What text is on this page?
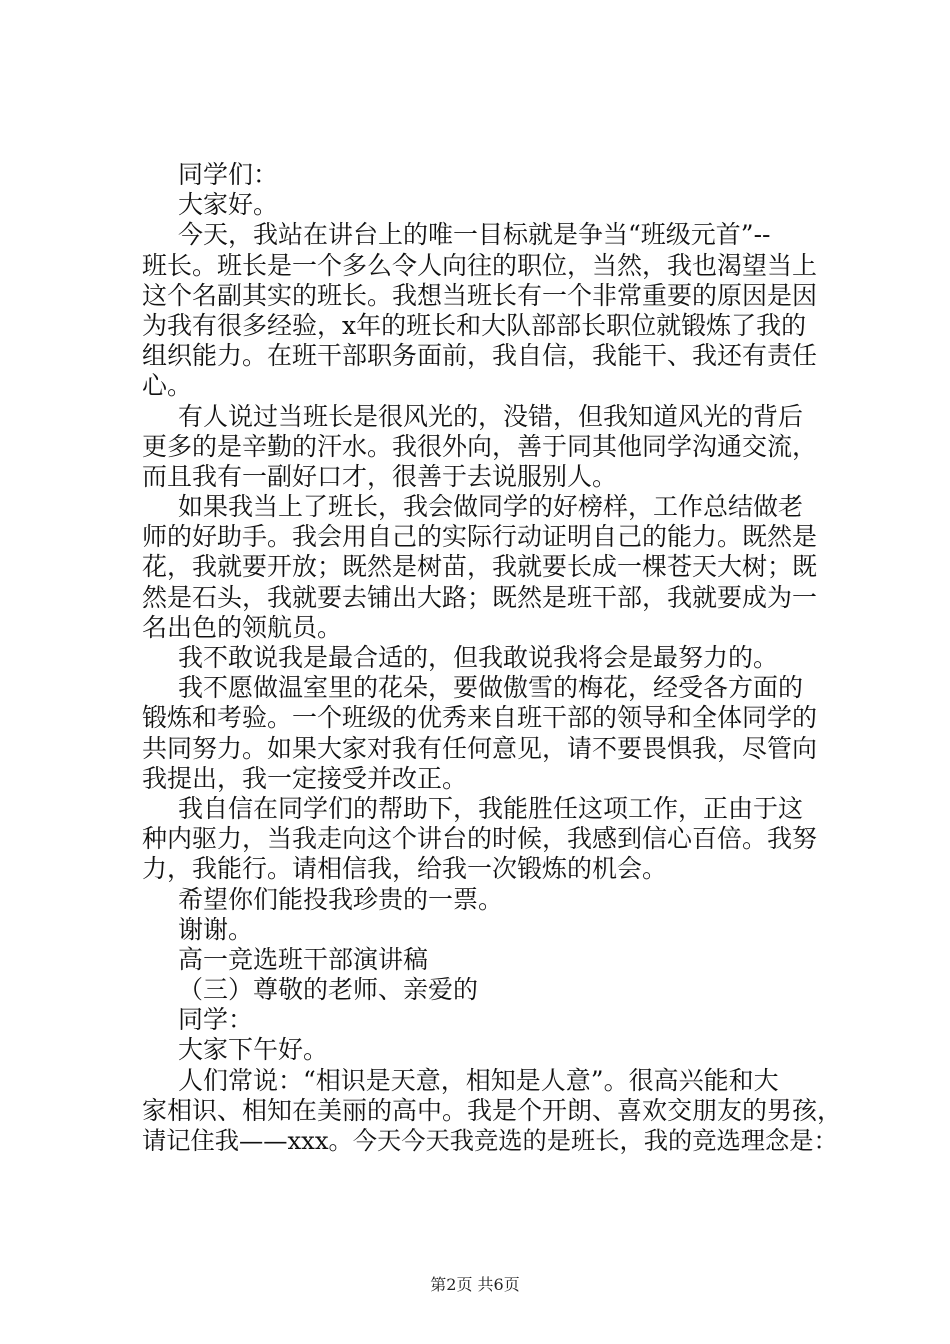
同学们：
大家好。
今天，我站在讲台上的唯一目标就是争当“班级元首”--
班长。班长是一个多么令人向往的职位，当然，我也渴望当上
这个名副其实的班长。我想当班长有一个非常重要的原因是因
为我有很多经验，x年的班长和大队部部长职位就锻炼了我的
组织能力。在班干部职务面前，我自信，我能干、我还有责任
心。
有人说过当班长是很风光的，没错，但我知道风光的背后
更多的是辛勤的汗水。我很外向，善于同其他同学沟通交流，
而且我有一副好口才，很善于去说服别人。
如果我当上了班长，我会做同学的好榜样，工作总结做老
师的好助手。我会用自己的实际行动证明自己的能力。既然是
花，我就要开放；既然是树苗，我就要长成一棵苍天大树；既
然是石头，我就要去铺出大路；既然是班干部，我就要成为一
名出色的领航员。
我不敢说我是最合适的，但我敢说我将会是最努力的。
我不愿做温室里的花朵，要做傲雪的梅花，经受各方面的
锻炼和考验。一个班级的优秀来自班干部的领导和全体同学的
共同努力。如果大家对我有任何意见，请不要畏惧我，尽管向
我提出，我一定接受并改正。
我自信在同学们的帮助下，我能胜任这项工作，正由于这
种内驱力，当我走向这个讲台的时候，我感到信心百倍。我努
力，我能行。请相信我，给我一次锻炼的机会。
希望你们能投我珍贵的一票。
谢谢。
高一竞选班干部演讲稿
（三）尊敬的老师、亲爱的
同学：
大家下午好。
人们常说：“相识是天意，相知是人意”。很高兴能和大
家相识、相知在美丽的高中。我是个开朗、喜欢交朋友的男孩，
请记住我——xxx。今天今天我竞选的是班长，我的竞选理念是：
第2页 共6页
